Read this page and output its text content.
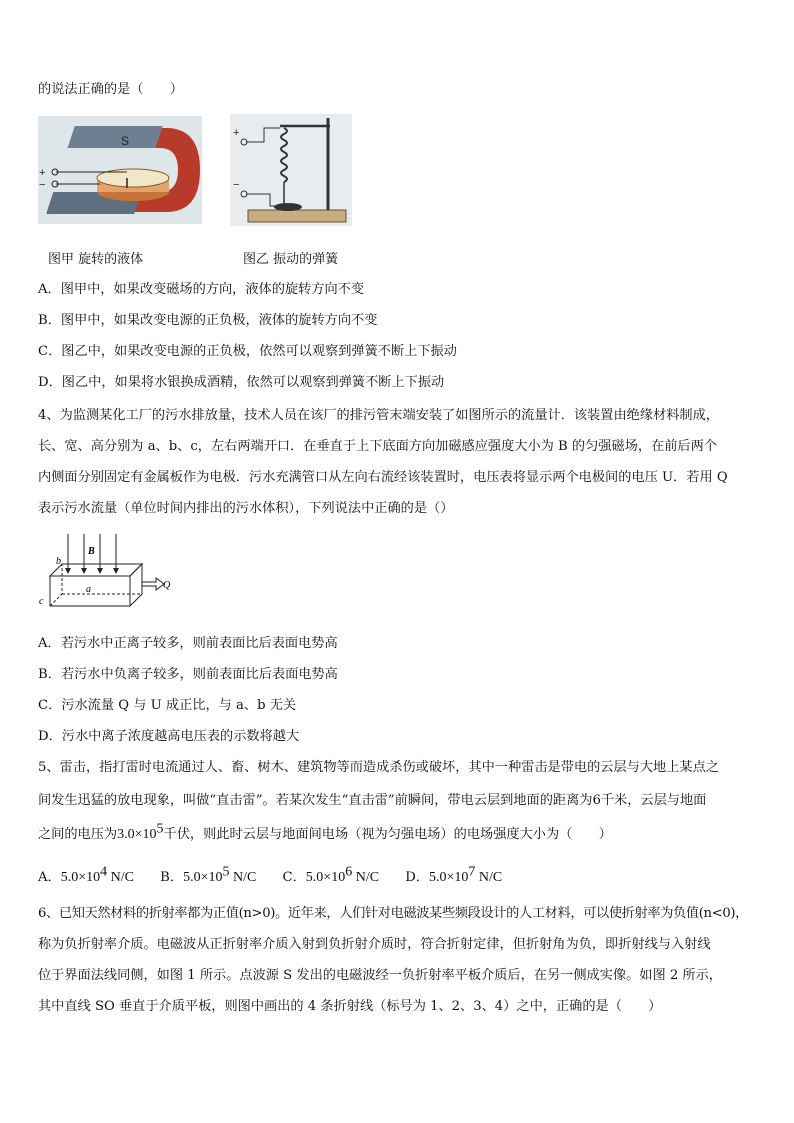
的说法正确的是（　　）
S
+
−
+
−
图甲 旋转的液体	图乙 振动的弹簧
A．图甲中，如果改变磁场的方向，液体的旋转方向不变
B．图甲中，如果改变电源的正负极，液体的旋转方向不变
C．图乙中，如果改变电源的正负极，依然可以观察到弹簧不断上下振动
D．图乙中，如果将水银换成酒精，依然可以观察到弹簧不断上下振动
4、为监测某化工厂的污水排放量，技术人员在该厂的排污管末端安装了如图所示的流量计．该装置由绝缘材料制成，
长、宽、高分别为 a、b、c，左右两端开口．在垂直于上下底面方向加磁感应强度大小为 B 的匀强磁场，在前后两个
内侧面分别固定有金属板作为电极．污水充满管口从左向右流经该装置时，电压表将显示两个电极间的电压 U．若用 Q
表示污水流量（单位时间内排出的污水体积），下列说法中正确的是（）
b
B
a
c
Q
A．若污水中正离子较多，则前表面比后表面电势高
B．若污水中负离子较多，则前表面比后表面电势高
C．污水流量 Q 与 U 成正比，与 a、b 无关
D．污水中离子浓度越高电压表的示数将越大
5、雷击，指打雷时电流通过人、畜、树木、建筑物等而造成杀伤或破坏，其中一种雷击是带电的云层与大地上某点之
间发生迅猛的放电现象，叫做“直击雷”。若某次发生“直击雷”前瞬间，带电云层到地面的距离为6千米，云层与地面
之间的电压为$3.0\times 10^5$千伏，则此时云层与地面间电场（视为匀强电场）的电场强度大小为（　　）
A．$5.0\times 10^4$ N/C B．$5.0\times 10^5$ N/C C．$5.0\times 10^6$ N/C D．$5.0\times 10^7$ N/C
6、已知天然材料的折射率都为正值(n>0)。近年来，人们针对电磁波某些频段设计的人工材料，可以使折射率为负值(n<0)，
称为负折射率介质。电磁波从正折射率介质入射到负折射介质时，符合折射定律，但折射角为负，即折射线与入射线
位于界面法线同侧，如图 1 所示。点波源 S 发出的电磁波经一负折射率平板介质后，在另一侧成实像。如图 2 所示，
其中直线 SO 垂直于介质平板，则图中画出的 4 条折射线（标号为 1、2、3、4）之中，正确的是（　　）
